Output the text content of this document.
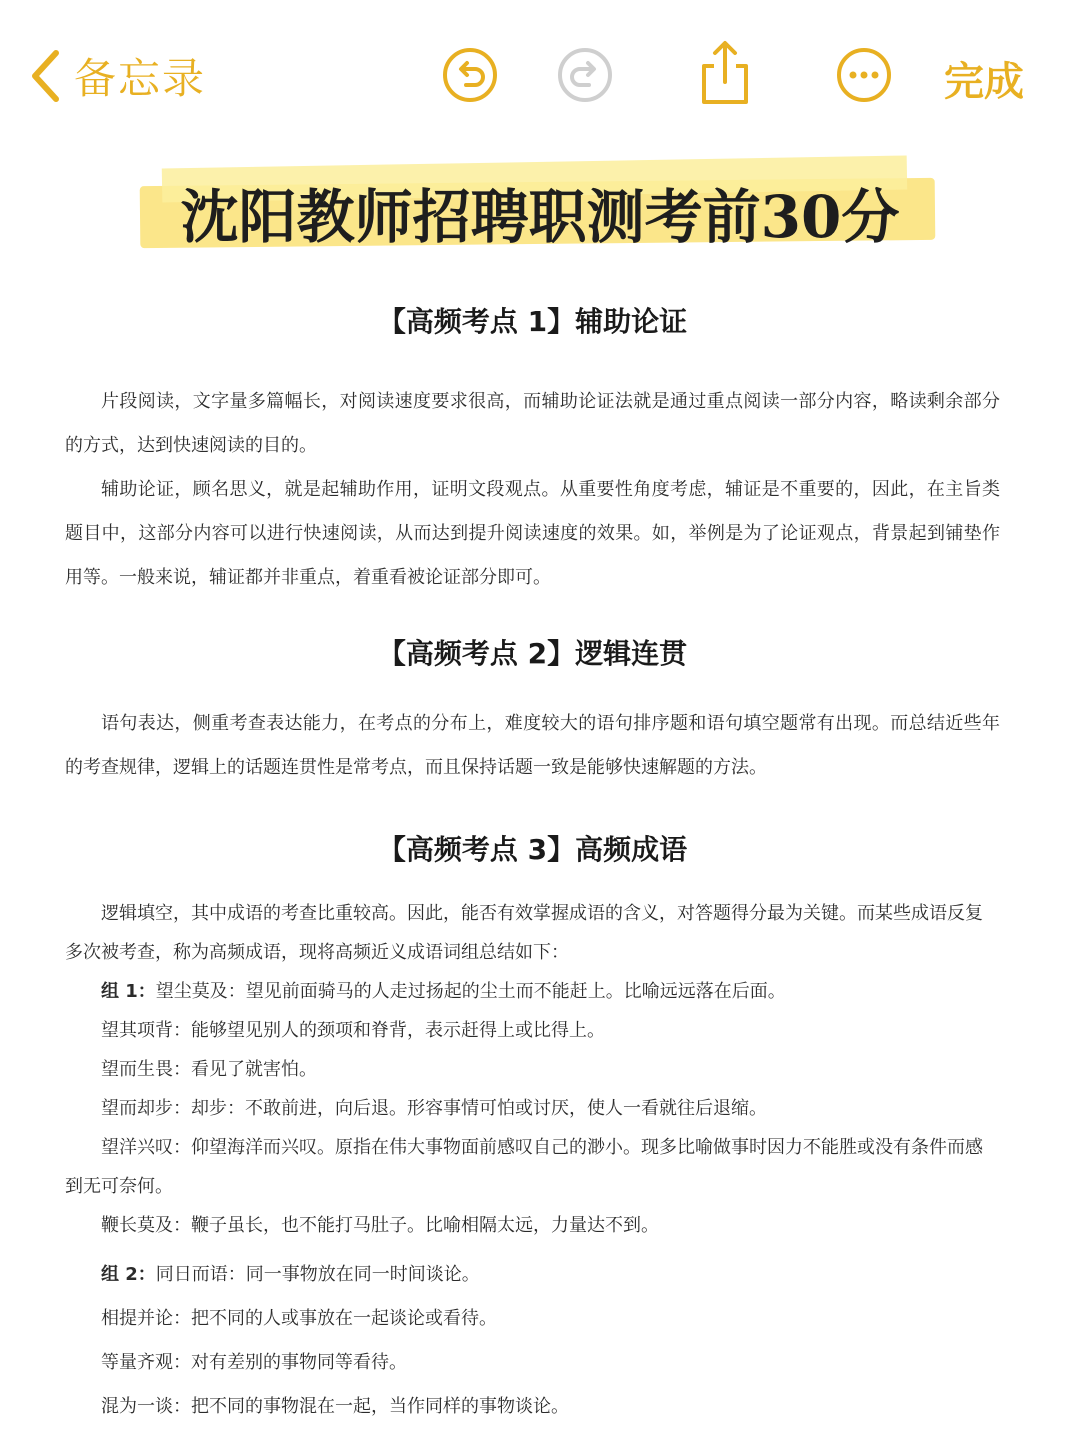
备忘录	完成
沈阳教师招聘职测考前30分
【高频考点 1】辅助论证

片段阅读，文字量多篇幅长，对阅读速度要求很高，而辅助论证法就是通过重点阅读一部分内容，略读剩余部分的方式，达到快速阅读的目的。

辅助论证，顾名思义，就是起辅助作用，证明文段观点。从重要性角度考虑，辅证是不重要的，因此，在主旨类题目中，这部分内容可以进行快速阅读，从而达到提升阅读速度的效果。如，举例是为了论证观点，背景起到铺垫作用等。一般来说，辅证都并非重点，着重看被论证部分即可。

【高频考点 2】逻辑连贯

语句表达，侧重考查表达能力，在考点的分布上，难度较大的语句排序题和语句填空题常有出现。而总结近些年的考查规律，逻辑上的话题连贯性是常考点，而且保持话题一致是能够快速解题的方法。

【高频考点 3】高频成语

逻辑填空，其中成语的考查比重较高。因此，能否有效掌握成语的含义，对答题得分最为关键。而某些成语反复多次被考查，称为高频成语，现将高频近义成语词组总结如下：

组 1：望尘莫及：望见前面骑马的人走过扬起的尘土而不能赶上。比喻远远落在后面。

望其项背：能够望见别人的颈项和脊背，表示赶得上或比得上。

望而生畏：看见了就害怕。

望而却步：却步：不敢前进，向后退。形容事情可怕或讨厌，使人一看就往后退缩。

望洋兴叹：仰望海洋而兴叹。原指在伟大事物面前感叹自己的渺小。现多比喻做事时因力不能胜或没有条件而感到无可奈何。

鞭长莫及：鞭子虽长，也不能打马肚子。比喻相隔太远，力量达不到。

组 2：同日而语：同一事物放在同一时间谈论。

相提并论：把不同的人或事放在一起谈论或看待。

等量齐观：对有差别的事物同等看待。

混为一谈：把不同的事物混在一起，当作同样的事物谈论。
